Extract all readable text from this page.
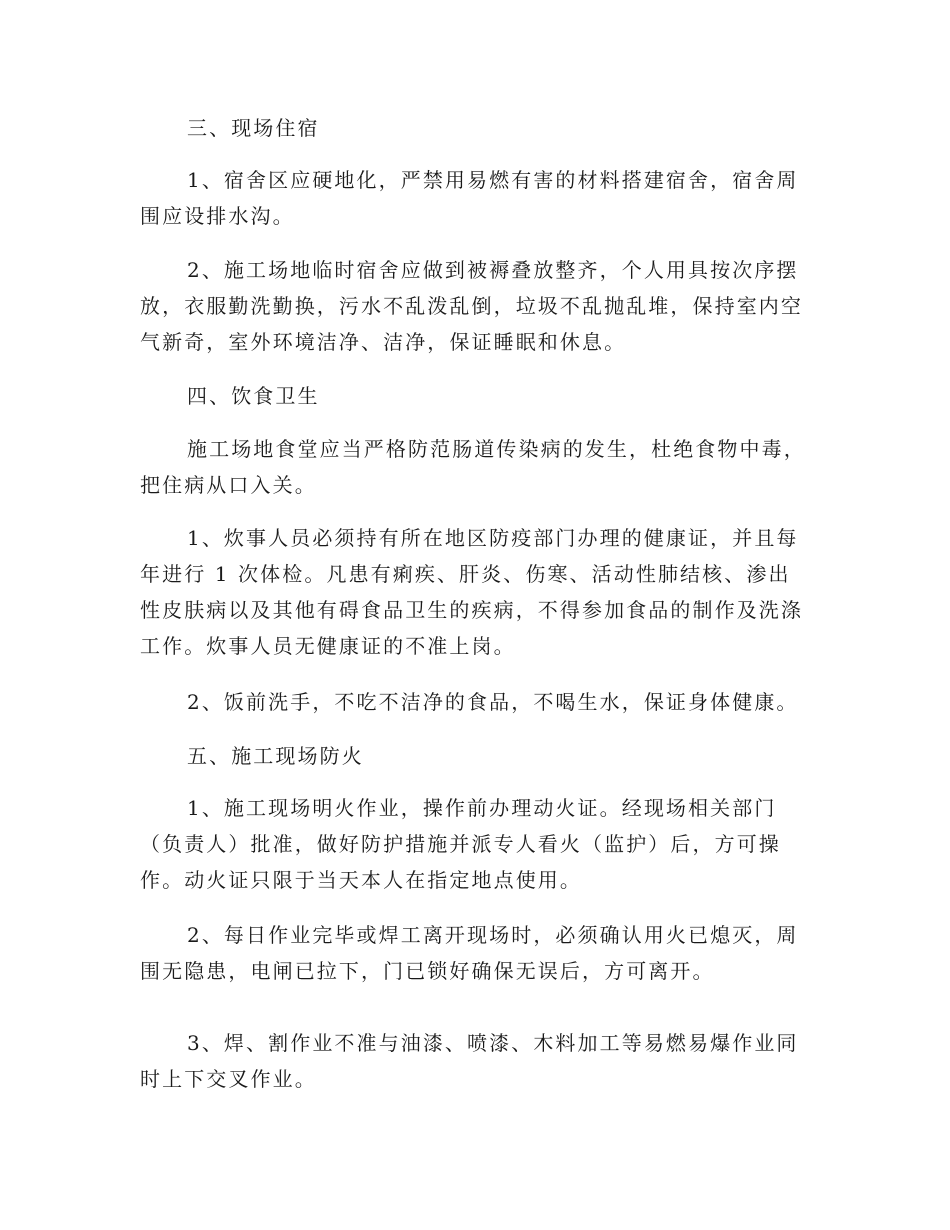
三、现场住宿

1、宿舍区应硬地化，严禁用易燃有害的材料搭建宿舍，宿舍周围应设排水沟。

2、施工场地临时宿舍应做到被褥叠放整齐，个人用具按次序摆放，衣服勤洗勤换，污水不乱泼乱倒，垃圾不乱抛乱堆，保持室内空气新奇，室外环境洁净、洁净，保证睡眠和休息。

四、饮食卫生

施工场地食堂应当严格防范肠道传染病的发生，杜绝食物中毒，把住病从口入关。

1、炊事人员必须持有所在地区防疫部门办理的健康证，并且每年进行 1 次体检。凡患有痢疾、肝炎、伤寒、活动性肺结核、渗出性皮肤病以及其他有碍食品卫生的疾病，不得参加食品的制作及洗涤工作。炊事人员无健康证的不准上岗。

2、饭前洗手，不吃不洁净的食品，不喝生水，保证身体健康。

五、施工现场防火

1、施工现场明火作业，操作前办理动火证。经现场相关部门（负责人）批准，做好防护措施并派专人看火（监护）后，方可操作。动火证只限于当天本人在指定地点使用。

2、每日作业完毕或焊工离开现场时，必须确认用火已熄灭，周围无隐患，电闸已拉下，门已锁好确保无误后，方可离开。

3、焊、割作业不准与油漆、喷漆、木料加工等易燃易爆作业同时上下交叉作业。
